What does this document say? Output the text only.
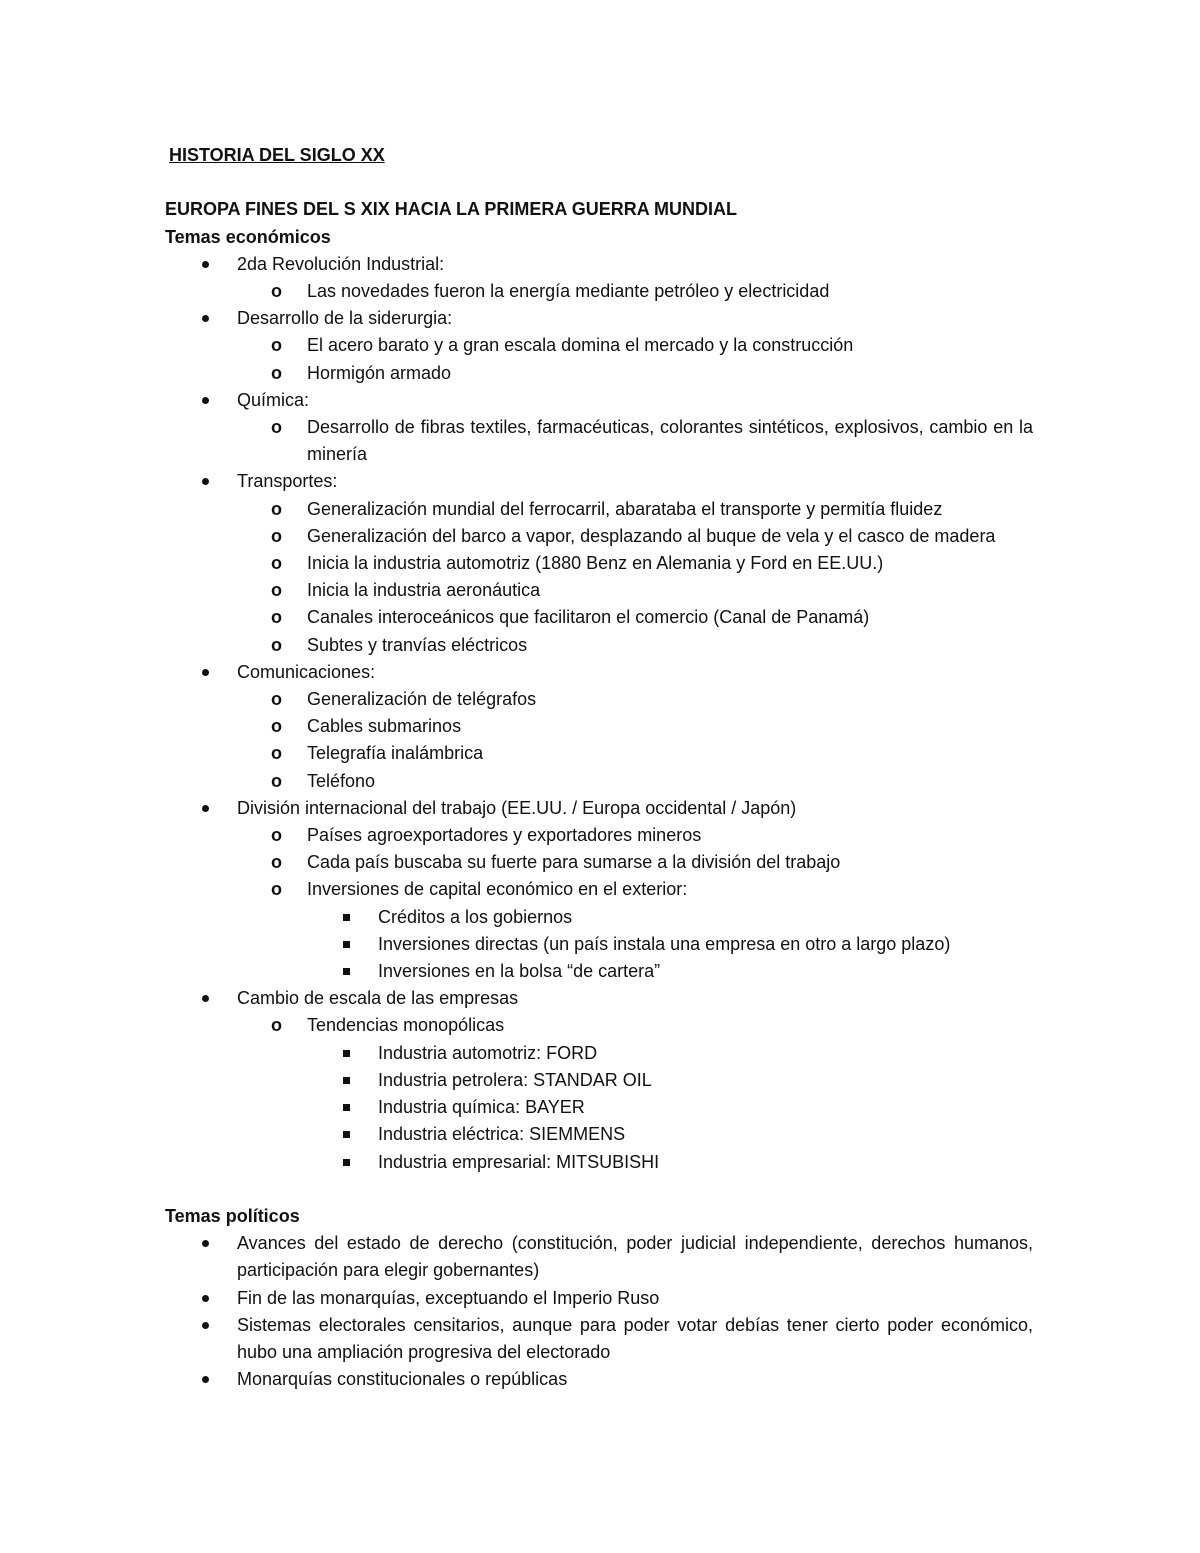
HISTORIA DEL SIGLO XX
EUROPA FINES DEL S XIX HACIA LA PRIMERA GUERRA MUNDIAL
Temas económicos
2da Revolución Industrial:
o Las novedades fueron la energía mediante petróleo y electricidad
Desarrollo de la siderurgia:
o El acero barato y a gran escala domina el mercado y la construcción
o Hormigón armado
Química:
o Desarrollo de fibras textiles, farmacéuticas, colorantes sintéticos, explosivos, cambio en la minería
Transportes:
o Generalización mundial del ferrocarril, abarataba el transporte y permitía fluidez
o Generalización del barco a vapor, desplazando al buque de vela y el casco de madera
o Inicia la industria automotriz (1880 Benz en Alemania y Ford en EE.UU.)
o Inicia la industria aeronáutica
o Canales interoceánicos que facilitaron el comercio (Canal de Panamá)
o Subtes y tranvías eléctricos
Comunicaciones:
o Generalización de telégrafos
o Cables submarinos
o Telegrafía inalámbrica
o Teléfono
División internacional del trabajo (EE.UU. / Europa occidental / Japón)
o Países agroexportadores y exportadores mineros
o Cada país buscaba su fuerte para sumarse a la división del trabajo
o Inversiones de capital económico en el exterior:
Créditos a los gobiernos
Inversiones directas (un país instala una empresa en otro a largo plazo)
Inversiones en la bolsa “de cartera”
Cambio de escala de las empresas
o Tendencias monopólicas
Industria automotriz: FORD
Industria petrolera: STANDAR OIL
Industria química: BAYER
Industria eléctrica: SIEMMENS
Industria empresarial: MITSUBISHI
Temas políticos
Avances del estado de derecho (constitución, poder judicial independiente, derechos humanos, participación para elegir gobernantes)
Fin de las monarquías, exceptuando el Imperio Ruso
Sistemas electorales censitarios, aunque para poder votar debías tener cierto poder económico, hubo una ampliación progresiva del electorado
Monarquías constitucionales o repúblicas
